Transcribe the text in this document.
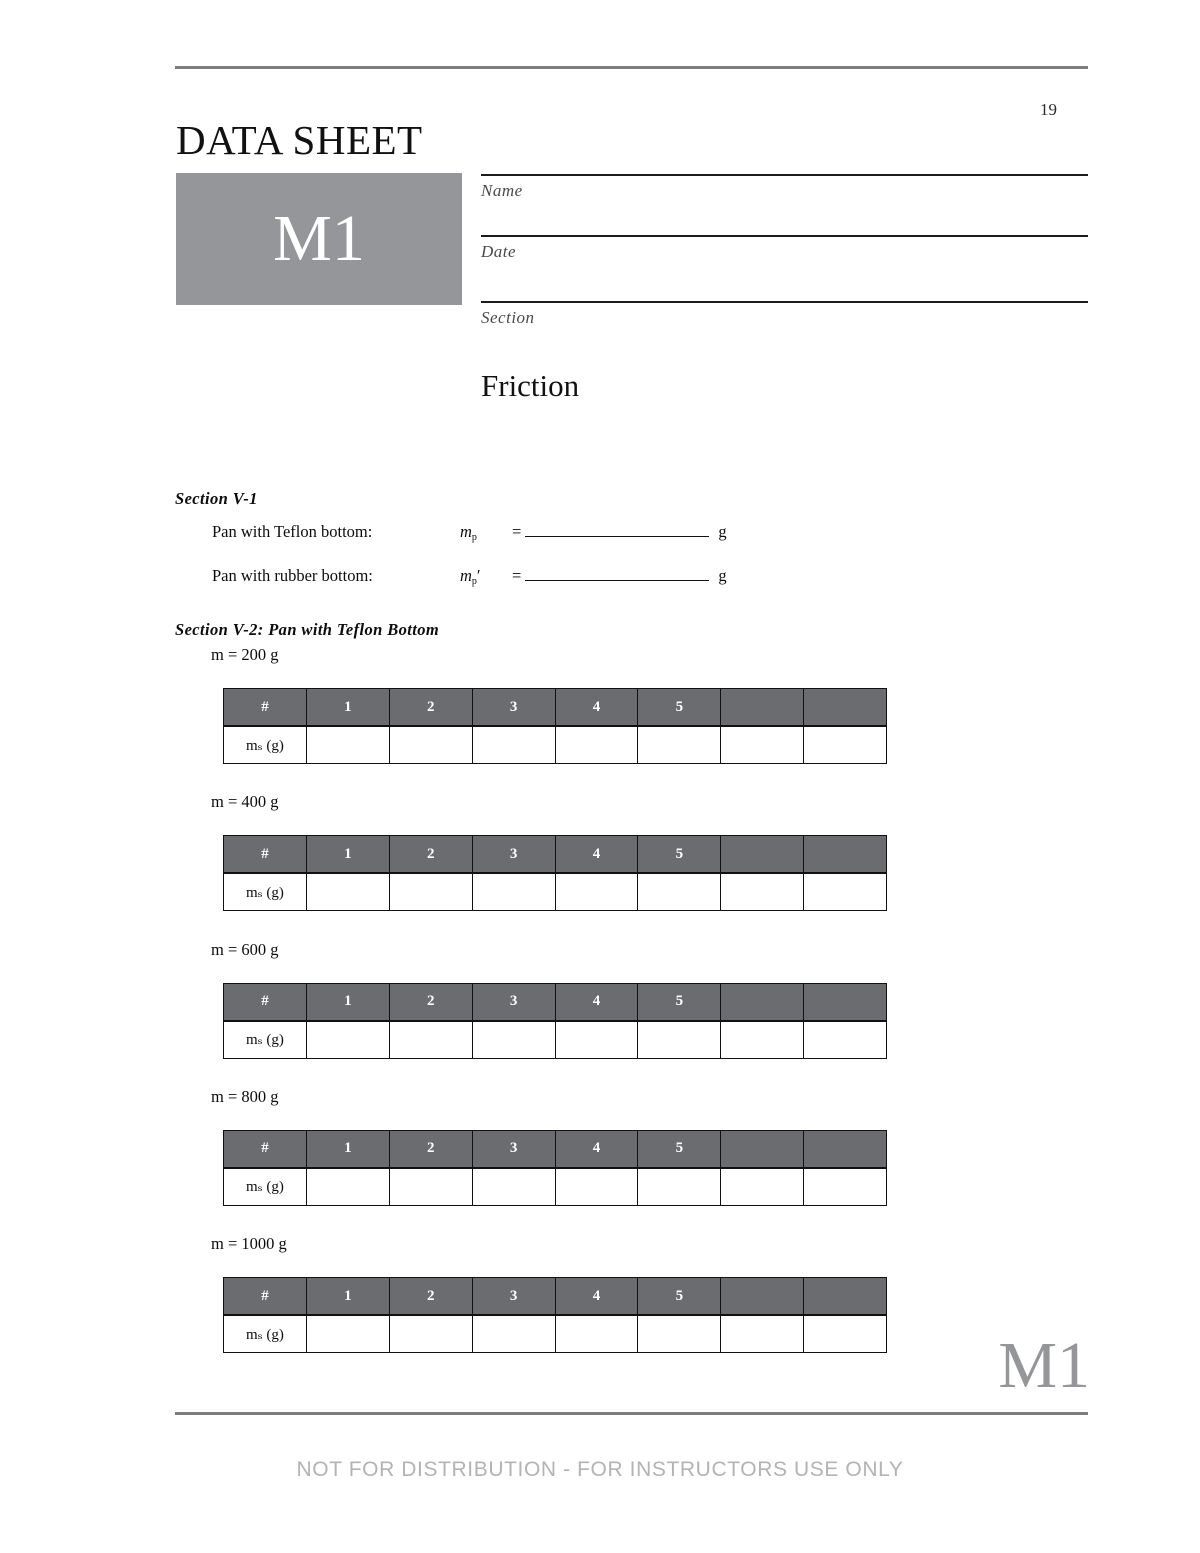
19
DATA SHEET
M1
Name
Date
Section
Friction
Section V-1
Pan with Teflon bottom:	$m_p$	=	g
Pan with rubber bottom:	$m_p'$	=	g
Section V-2: Pan with Teflon Bottom
m = 200 g
#	1	2	3	4	5		
mₛ (g)							
m = 400 g
#	1	2	3	4	5		
mₛ (g)							
m = 600 g
#	1	2	3	4	5		
mₛ (g)							
m = 800 g
#	1	2	3	4	5		
mₛ (g)							
m = 1000 g
#	1	2	3	4	5		
mₛ (g)								M1
NOT FOR DISTRIBUTION - FOR INSTRUCTORS USE ONLY
